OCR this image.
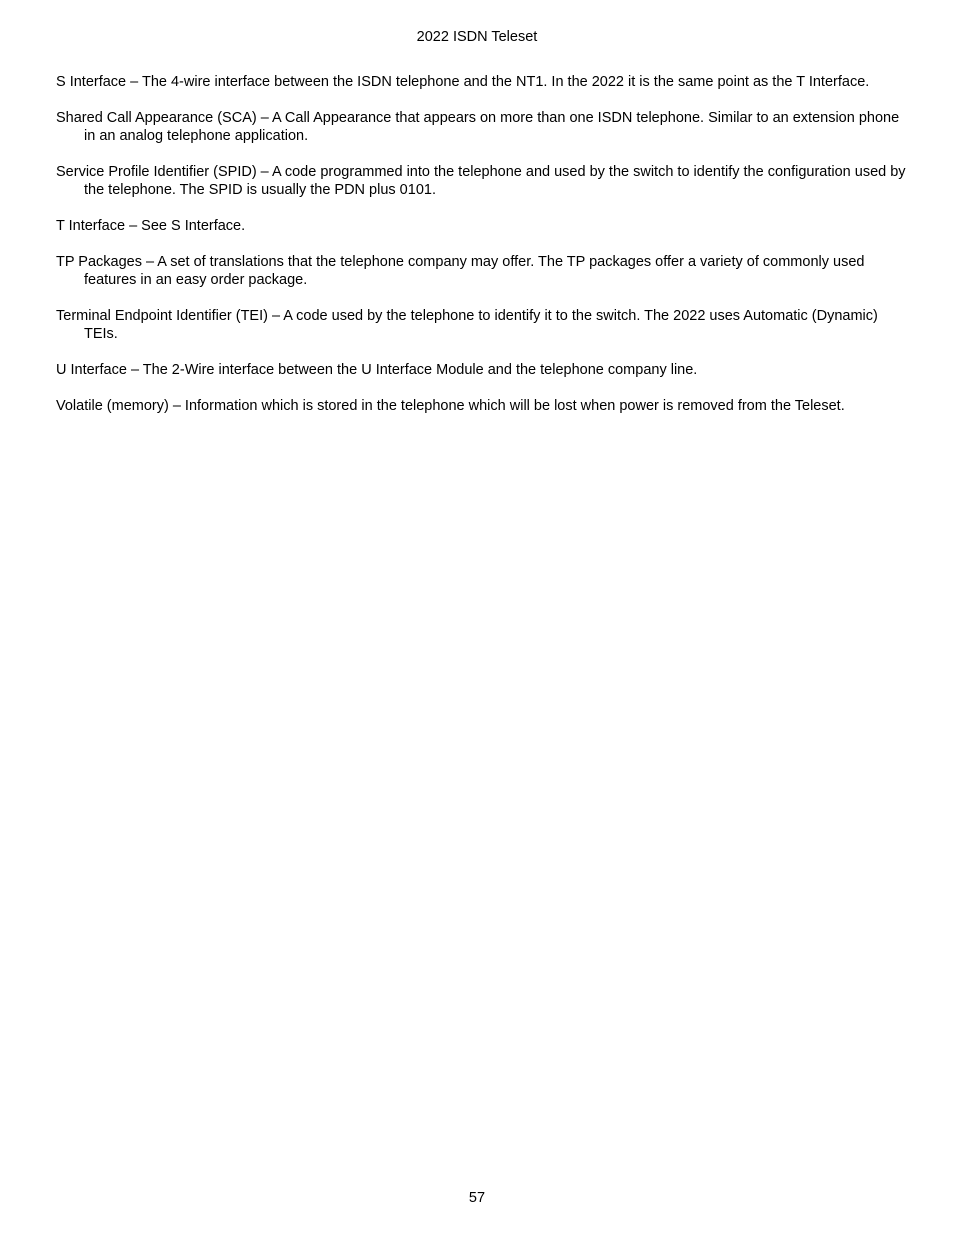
2022 ISDN Teleset

S Interface – The 4-wire interface between the ISDN telephone and the NT1. In the 2022 it is the same point as the T Interface.

Shared Call Appearance (SCA) – A Call Appearance that appears on more than one ISDN telephone. Similar to an extension phone in an analog telephone application.

Service Profile Identifier (SPID) – A code programmed into the telephone and used by the switch to identify the configuration used by the telephone. The SPID is usually the PDN plus 0101.

T Interface – See S Interface.

TP Packages – A set of translations that the telephone company may offer. The TP packages offer a variety of commonly used features in an easy order package.

Terminal Endpoint Identifier (TEI) – A code used by the telephone to identify it to the switch. The 2022 uses Automatic (Dynamic) TEIs.

U Interface – The 2-Wire interface between the U Interface Module and the telephone company line.

Volatile (memory) – Information which is stored in the telephone which will be lost when power is removed from the Teleset.

57
